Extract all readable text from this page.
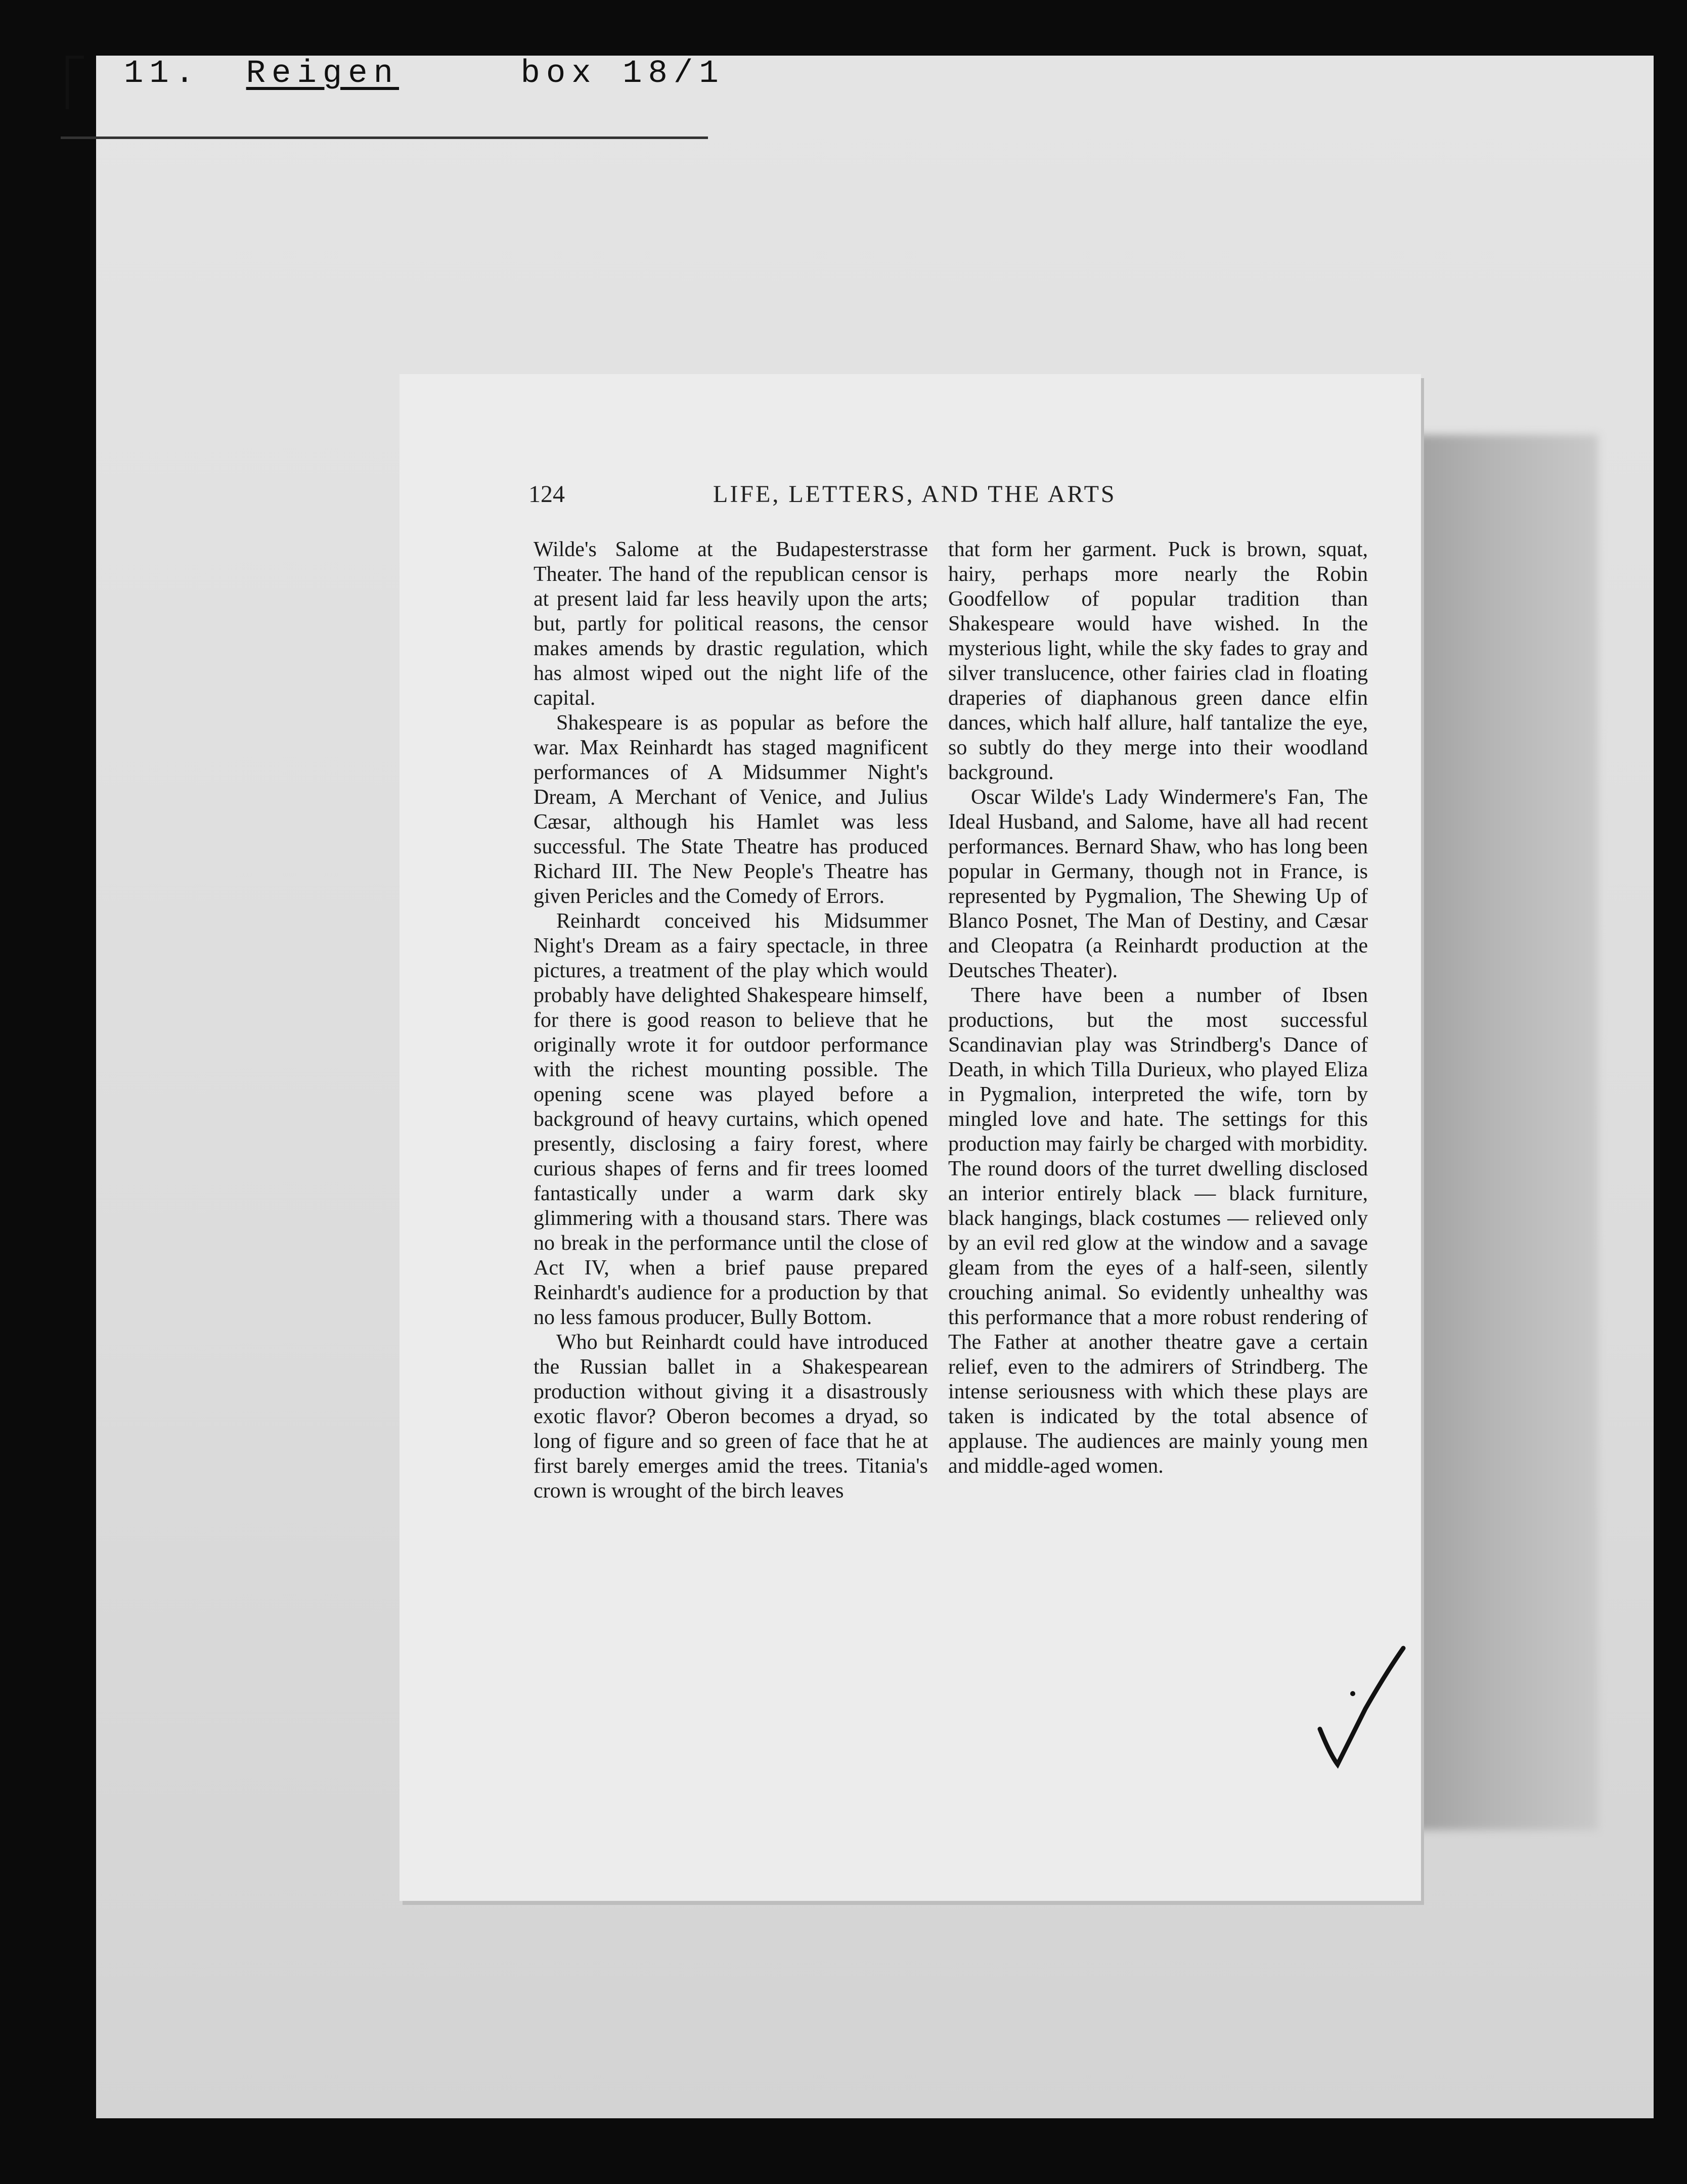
11. Reigen	box 18/1
124	LIFE, LETTERS, AND THE ARTS

Wilde's Salome at the Budapesterstrasse Theater. The hand of the republican censor is at present laid far less heavily upon the arts; but, partly for political reasons, the censor makes amends by drastic regulation, which has almost wiped out the night life of the capital.

Shakespeare is as popular as before the war. Max Reinhardt has staged magnificent performances of A Midsummer Night's Dream, A Merchant of Venice, and Julius Cæsar, although his Hamlet was less successful. The State Theatre has produced Richard III. The New People's Theatre has given Pericles and the Comedy of Errors.

Reinhardt conceived his Midsummer Night's Dream as a fairy spectacle, in three pictures, a treatment of the play which would probably have delighted Shakespeare himself, for there is good reason to believe that he originally wrote it for outdoor performance with the richest mounting possible. The opening scene was played before a background of heavy curtains, which opened presently, disclosing a fairy forest, where curious shapes of ferns and fir trees loomed fantastically under a warm dark sky glimmering with a thousand stars. There was no break in the performance until the close of Act IV, when a brief pause prepared Reinhardt's audience for a production by that no less famous producer, Bully Bottom.

Who but Reinhardt could have introduced the Russian ballet in a Shakespearean production without giving it a disastrously exotic flavor? Oberon becomes a dryad, so long of figure and so green of face that he at first barely emerges amid the trees. Titania's crown is wrought of the birch leaves

that form her garment. Puck is brown, squat, hairy, perhaps more nearly the Robin Goodfellow of popular tradition than Shakespeare would have wished. In the mysterious light, while the sky fades to gray and silver translucence, other fairies clad in floating draperies of diaphanous green dance elfin dances, which half allure, half tantalize the eye, so subtly do they merge into their woodland background.

Oscar Wilde's Lady Windermere's Fan, The Ideal Husband, and Salome, have all had recent performances. Bernard Shaw, who has long been popular in Germany, though not in France, is represented by Pygmalion, The Shewing Up of Blanco Posnet, The Man of Destiny, and Cæsar and Cleopatra (a Reinhardt production at the Deutsches Theater).

There have been a number of Ibsen productions, but the most successful Scandinavian play was Strindberg's Dance of Death, in which Tilla Durieux, who played Eliza in Pygmalion, interpreted the wife, torn by mingled love and hate. The settings for this production may fairly be charged with morbidity. The round doors of the turret dwelling disclosed an interior entirely black — black furniture, black hangings, black costumes — relieved only by an evil red glow at the window and a savage gleam from the eyes of a half-seen, silently crouching animal. So evidently unhealthy was this performance that a more robust rendering of The Father at another theatre gave a certain relief, even to the admirers of Strindberg. The intense seriousness with which these plays are taken is indicated by the total absence of applause. The audiences are mainly young men and middle-aged women.
